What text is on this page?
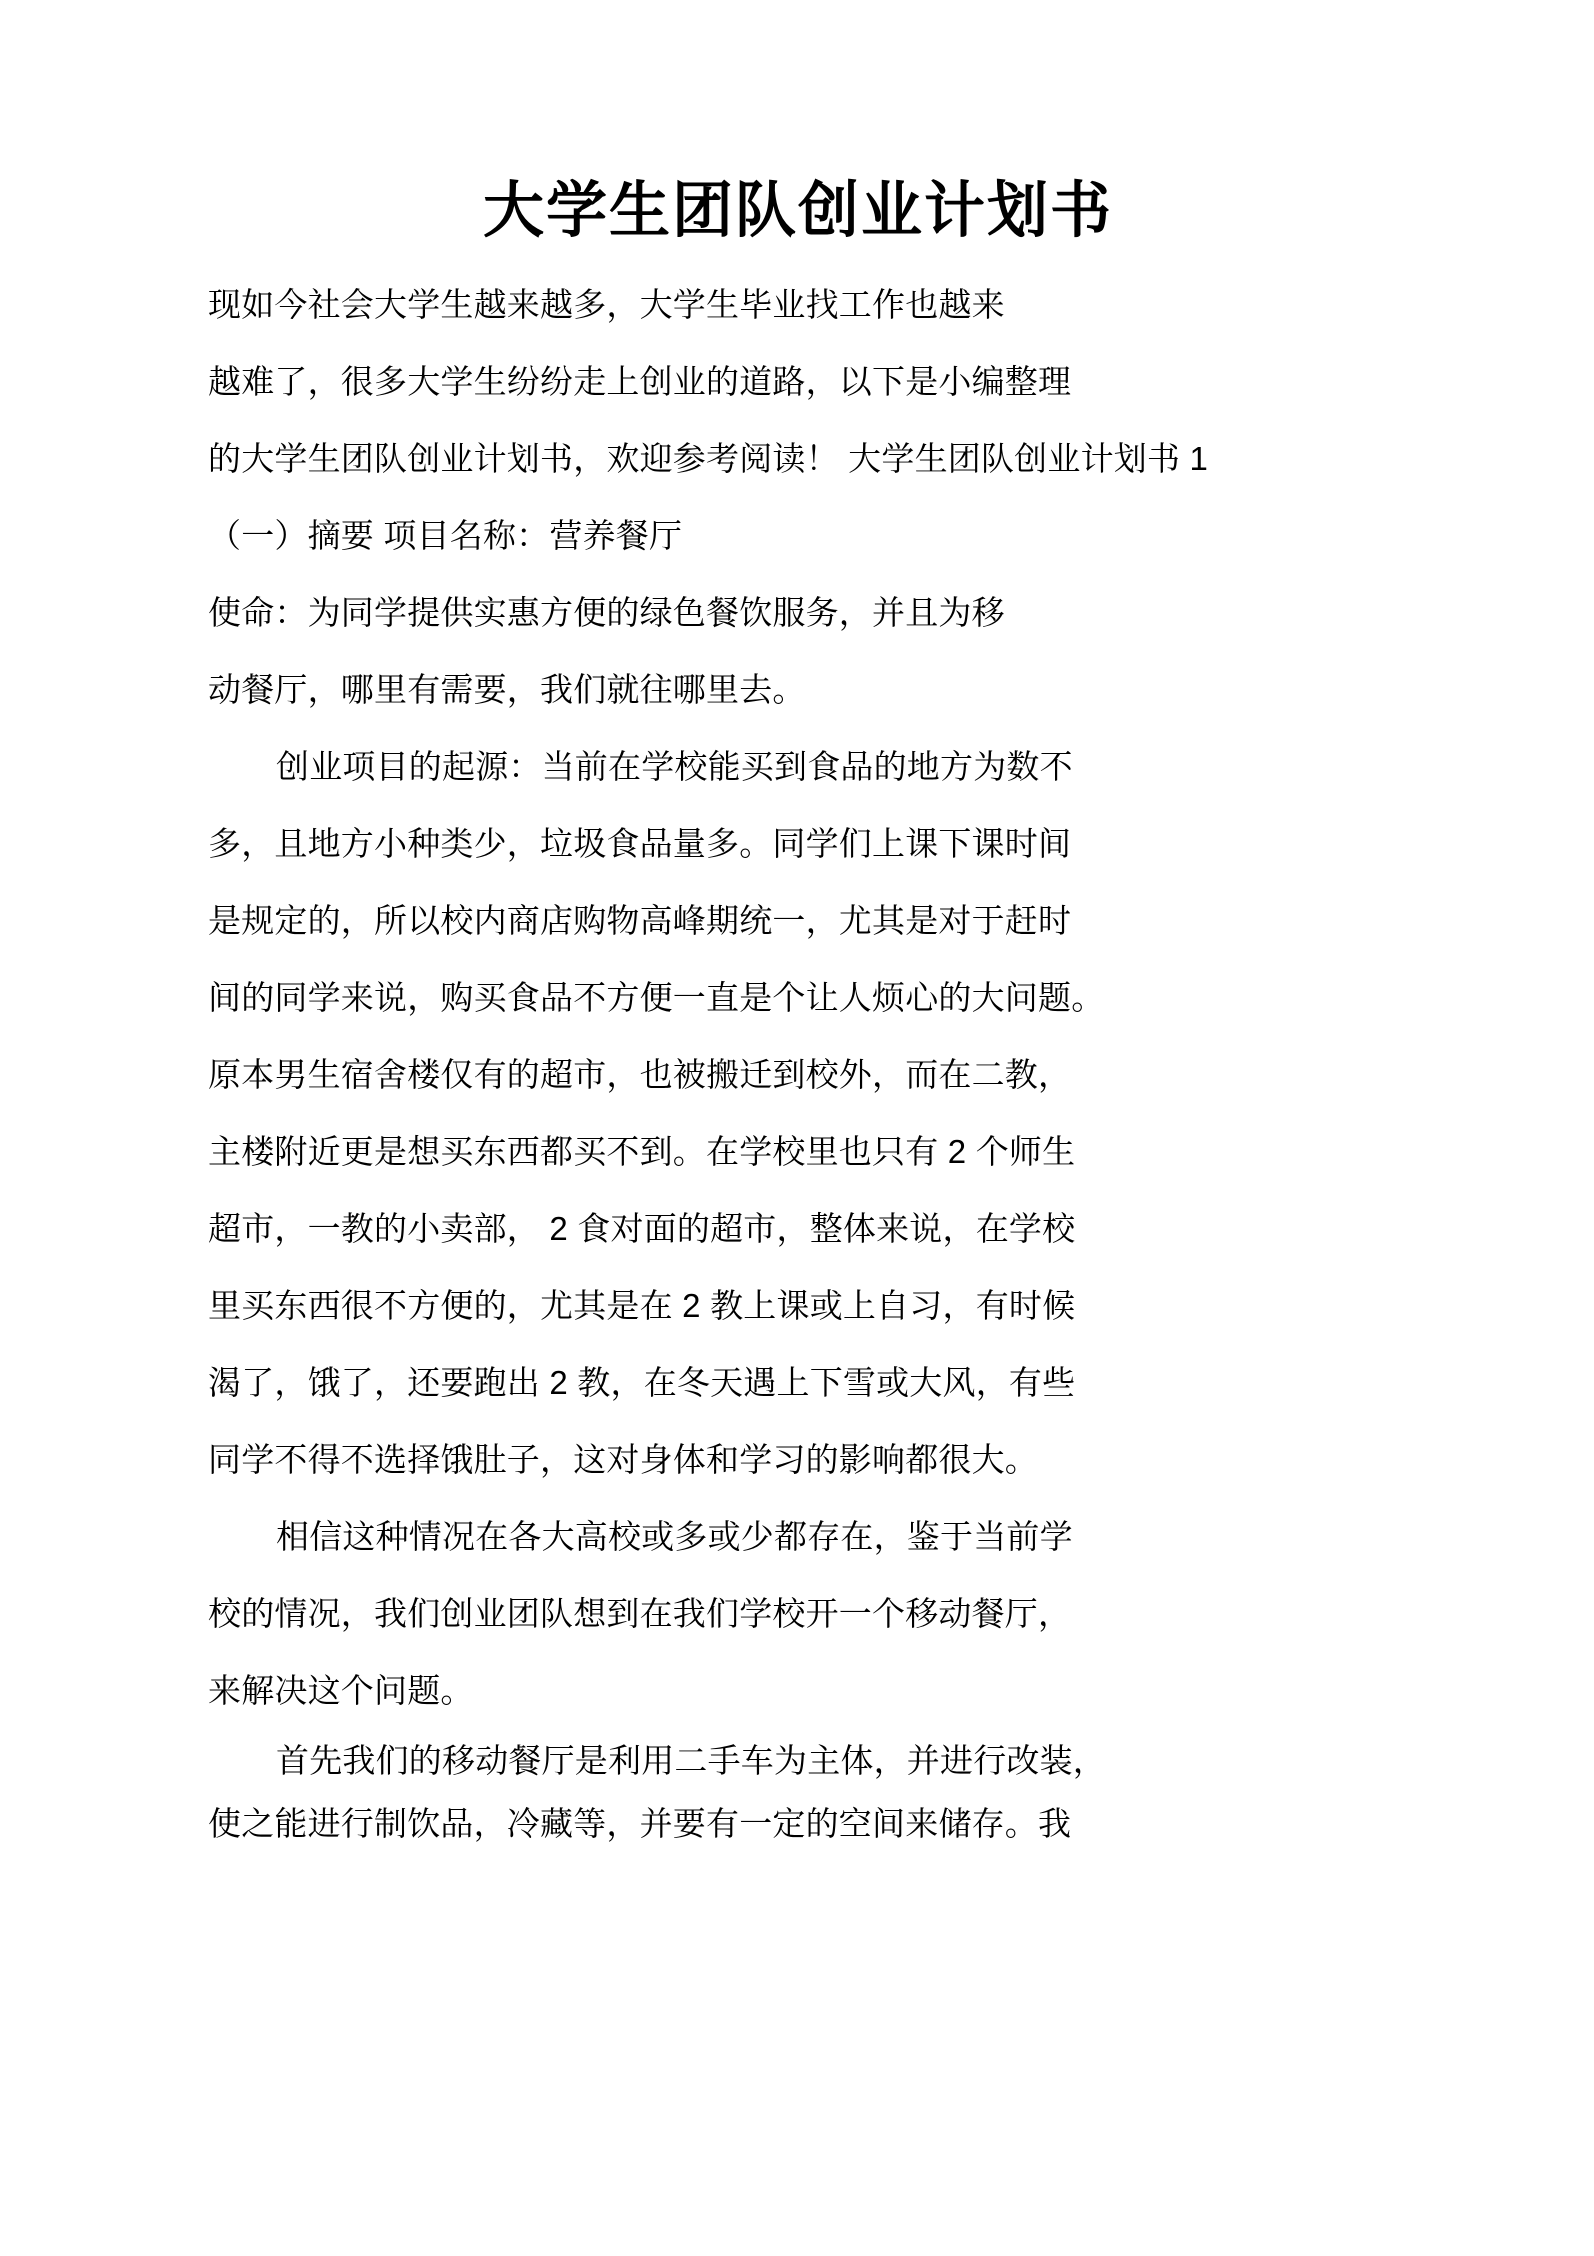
大学生团队创业计划书

现如今社会大学生越来越多，大学生毕业找工作也越来
越难了，很多大学生纷纷走上创业的道路，以下是小编整理
的大学生团队创业计划书，欢迎参考阅读！ 大学生团队创业计划书 1
（一）摘要 项目名称：营养餐厅

使命：为同学提供实惠方便的绿色餐饮服务，并且为移
动餐厅，哪里有需要，我们就往哪里去。

创业项目的起源：当前在学校能买到食品的地方为数不
多，且地方小种类少，垃圾食品量多。同学们上课下课时间
是规定的，所以校内商店购物高峰期统一，尤其是对于赶时
间的同学来说，购买食品不方便一直是个让人烦心的大问题。
原本男生宿舍楼仅有的超市，也被搬迁到校外，而在二教，
主楼附近更是想买东西都买不到。在学校里也只有 2 个师生
超市，一教的小卖部， 2 食对面的超市，整体来说，在学校
里买东西很不方便的，尤其是在 2 教上课或上自习，有时候
渴了，饿了，还要跑出 2 教，在冬天遇上下雪或大风，有些
同学不得不选择饿肚子，这对身体和学习的影响都很大。

相信这种情况在各大高校或多或少都存在，鉴于当前学
校的情况，我们创业团队想到在我们学校开一个移动餐厅，
来解决这个问题。

首先我们的移动餐厅是利用二手车为主体，并进行改装，
使之能进行制饮品，冷藏等，并要有一定的空间来储存。我
